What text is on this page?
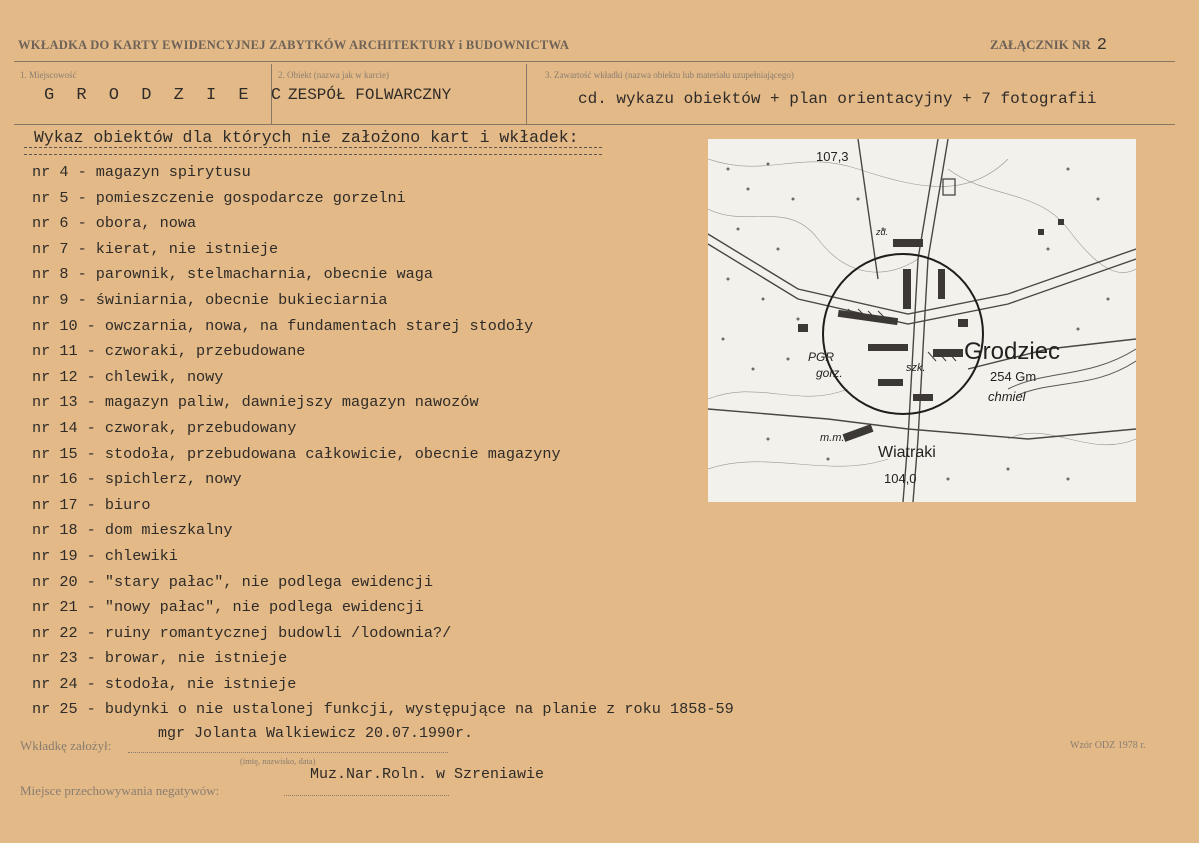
WKŁADKA DO KARTY EWIDENCYJNEJ ZABYTKÓW ARCHITEKTURY i BUDOWNICTWA	ZAŁĄCZNIK NR 2
1. Miejscowość	2. Obiekt (nazwa jak w karcie)	3. Zawartość wkładki (nazwa obiektu lub materiału uzupełniającego)
G R O D Z I E C ZESPÓŁ FOLWARCZNY	cd. wykazu obiektów + plan orientacyjny + 7 fotografii
Wykaz obiektów dla których nie założono kart i wkładek:
nr 4 - magazyn spirytusu
nr 5 - pomieszczenie gospodarcze gorzelni
nr 6 - obora, nowa
nr 7 - kierat, nie istnieje
nr 8 - parownik, stelmacharnia, obecnie waga
nr 9 - świniarnia, obecnie bukieciarnia
nr 10 - owczarnia, nowa, na fundamentach starej stodoły
nr 11 - czworaki, przebudowane
nr 12 - chlewik, nowy
nr 13 - magazyn paliw, dawniejszy magazyn nawozów
nr 14 - czworak, przebudowany
nr 15 - stodoła, przebudowana całkowicie, obecnie magazyny
nr 16 - spichlerz, nowy
nr 17 - biuro
nr 18 - dom mieszkalny
nr 19 - chlewiki
nr 20 - "stary pałac", nie podlega ewidencji
nr 21 - "nowy pałac", nie podlega ewidencji
nr 22 - ruiny romantycznej budowli /lodownia?/
nr 23 - browar, nie istnieje
nr 24 - stodoła, nie istnieje
nr 25 - budynki o nie ustalonej funkcji, występujące na planie z roku 1858-59
Grodziec
Wiatraki
107,3
254 Gm
104,0
PGR
gorz.	szk.
chmiel
m.m.
zd.
Wkładkę założył:
mgr Jolanta Walkiewicz 20.07.1990r.
(imię, nazwisko, data)
Miejsce przechowywania negatywów:
Muz.Nar.Roln. w Szreniawie
Wzór ODZ 1978 r.
